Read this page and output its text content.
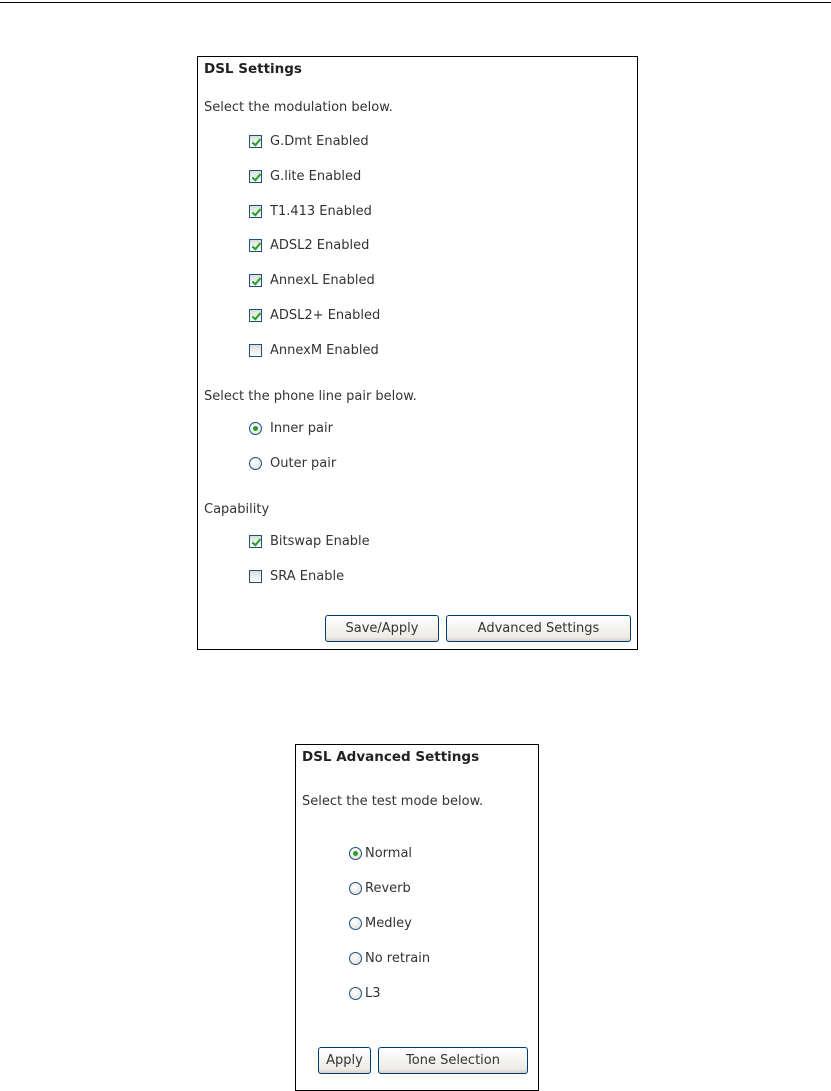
DSL Settings
Select the modulation below.
G.Dmt Enabled
G.lite Enabled
T1.413 Enabled
ADSL2 Enabled
AnnexL Enabled
ADSL2+ Enabled
AnnexM Enabled
Select the phone line pair below.
Inner pair
Outer pair
Capability
Bitswap Enable
SRA Enable
Save/Apply	Advanced Settings
DSL Advanced Settings
Select the test mode below.
Normal
Reverb
Medley
No retrain
L3
Apply	Tone Selection
